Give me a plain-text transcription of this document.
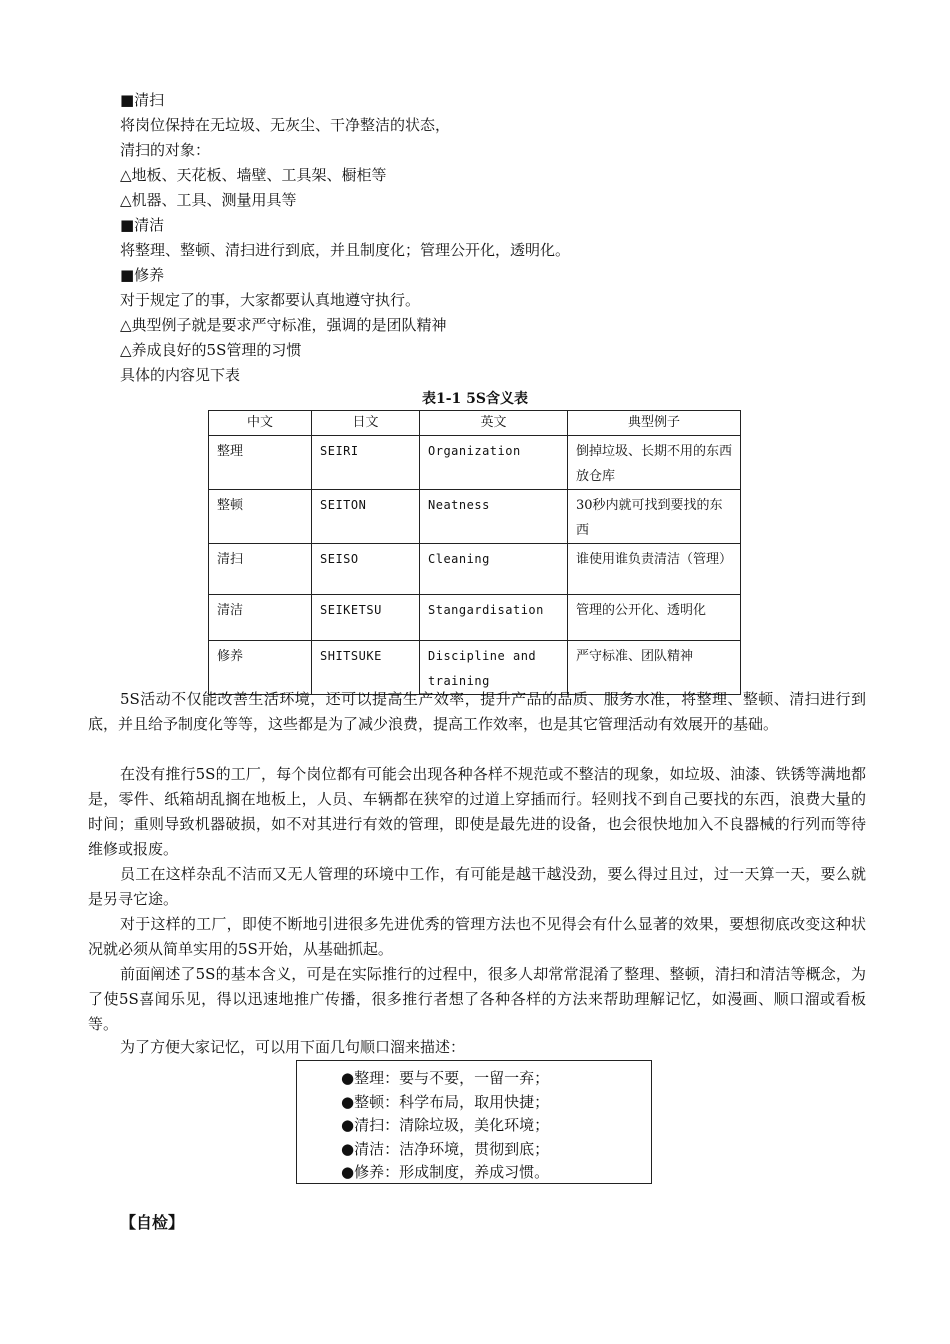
■清扫
将岗位保持在无垃圾、无灰尘、干净整洁的状态，
清扫的对象：
△地板、天花板、墙壁、工具架、橱柜等
△机器、工具、测量用具等
■清洁
将整理、整顿、清扫进行到底，并且制度化；管理公开化，透明化。
■修养
对于规定了的事，大家都要认真地遵守执行。
△典型例子就是要求严守标准，强调的是团队精神
△养成良好的5S管理的习惯
具体的内容见下表
表1-1 5S含义表
中文	日文	英文	典型例子
整理	SEIRI	Organization	倒掉垃圾、长期不用的东西放仓库
整顿	SEITON	Neatness	30秒内就可找到要找的东西
清扫	SEISO	Cleaning	谁使用谁负责清洁（管理）
清洁	SEIKETSU	Stangardisation	管理的公开化、透明化
修养	SHITSUKE	Discipline and training	严守标准、团队精神

5S活动不仅能改善生活环境，还可以提高生产效率，提升产品的品质、服务水准，将整理、整顿、清扫进行到底，并且给予制度化等等，这些都是为了减少浪费，提高工作效率，也是其它管理活动有效展开的基础。

在没有推行5S的工厂，每个岗位都有可能会出现各种各样不规范或不整洁的现象，如垃圾、油漆、铁锈等满地都是，零件、纸箱胡乱搁在地板上，人员、车辆都在狭窄的过道上穿插而行。轻则找不到自己要找的东西，浪费大量的时间；重则导致机器破损，如不对其进行有效的管理，即使是最先进的设备，也会很快地加入不良器械的行列而等待维修或报废。

员工在这样杂乱不洁而又无人管理的环境中工作，有可能是越干越没劲，要么得过且过，过一天算一天，要么就是另寻它途。

对于这样的工厂，即使不断地引进很多先进优秀的管理方法也不见得会有什么显著的效果，要想彻底改变这种状况就必须从简单实用的5S开始，从基础抓起。

前面阐述了5S的基本含义，可是在实际推行的过程中，很多人却常常混淆了整理、整顿，清扫和清洁等概念，为了使5S喜闻乐见，得以迅速地推广传播，很多推行者想了各种各样的方法来帮助理解记忆，如漫画、顺口溜或看板等。

为了方便大家记忆，可以用下面几句顺口溜来描述：

●整理：要与不要，一留一弃；
●整顿：科学布局，取用快捷；
●清扫：清除垃圾，美化环境；
●清洁：洁净环境，贯彻到底；
●修养：形成制度，养成习惯。
【自检】
